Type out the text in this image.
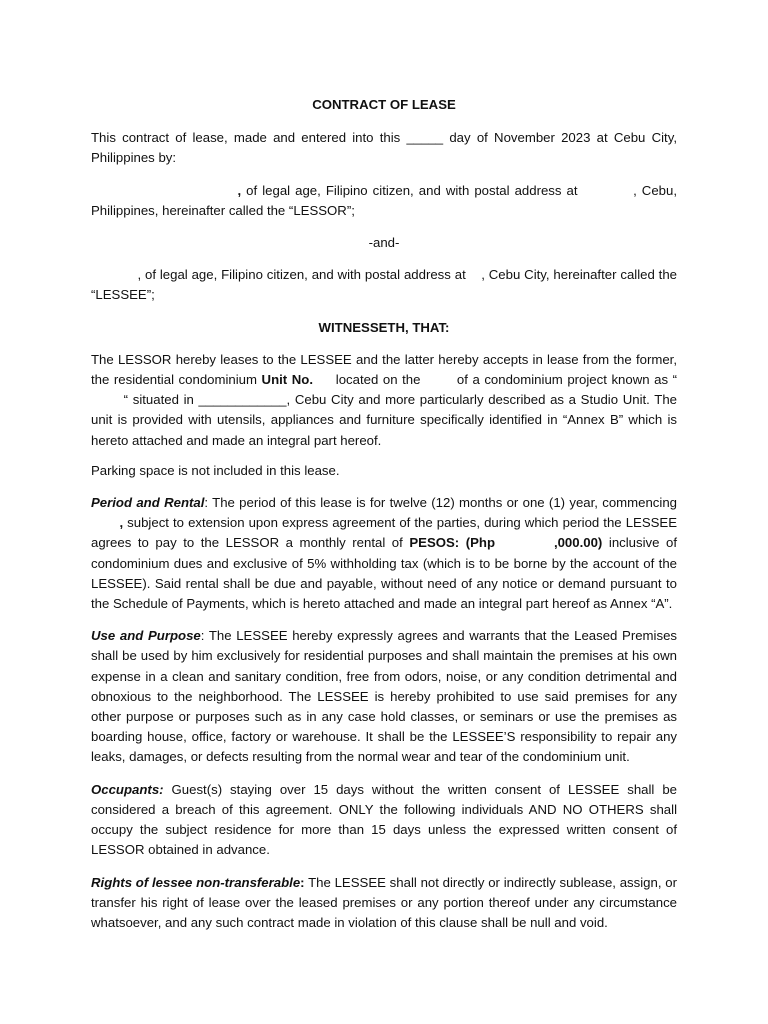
CONTRACT OF LEASE

This contract of lease, made and entered into this _____ day of November 2023 at Cebu City, Philippines by:

, of legal age, Filipino citizen, and with postal address at	, Cebu, Philippines, hereinafter called the “LESSOR”;

-and-

, of legal age, Filipino citizen, and with postal address at    , Cebu City, hereinafter called the “LESSEE”;

WITNESSETH, THAT:

The LESSOR hereby leases to the LESSEE and the latter hereby accepts in lease from the former, the residential condominium Unit No.     located on the        of a condominium project known as “        “ situated in ____________, Cebu City and more particularly described as a Studio Unit. The unit is provided with utensils, appliances and furniture specifically identified in “Annex B” which is hereto attached and made an integral part hereof.

Parking space is not included in this lease.

Period and Rental: The period of this lease is for twelve (12) months or one (1) year, commencing        , subject to extension upon express agreement of the parties, during which period the LESSEE agrees to pay to the LESSOR a monthly rental of PESOS: (Php	,000.00) inclusive of condominium dues and exclusive of 5% withholding tax (which is to be borne by the account of the LESSEE). Said rental shall be due and payable, without need of any notice or demand pursuant to the Schedule of Payments, which is hereto attached and made an integral part hereof as Annex “A”.

Use and Purpose: The LESSEE hereby expressly agrees and warrants that the Leased Premises shall be used by him exclusively for residential purposes and shall maintain the premises at his own expense in a clean and sanitary condition, free from odors, noise, or any condition detrimental and obnoxious to the neighborhood. The LESSEE is hereby prohibited to use said premises for any other purpose or purposes such as in any case hold classes, or seminars or use the premises as boarding house, office, factory or warehouse. It shall be the LESSEE’S responsibility to repair any leaks, damages, or defects resulting from the normal wear and tear of the condominium unit.

Occupants: Guest(s) staying over 15 days without the written consent of LESSEE shall be considered a breach of this agreement. ONLY the following individuals AND NO OTHERS shall occupy the subject residence for more than 15 days unless the expressed written consent of LESSOR obtained in advance.

Rights of lessee non-transferable: The LESSEE shall not directly or indirectly sublease, assign, or transfer his right of lease over the leased premises or any portion thereof under any circumstance whatsoever, and any such contract made in violation of this clause shall be null and void.
